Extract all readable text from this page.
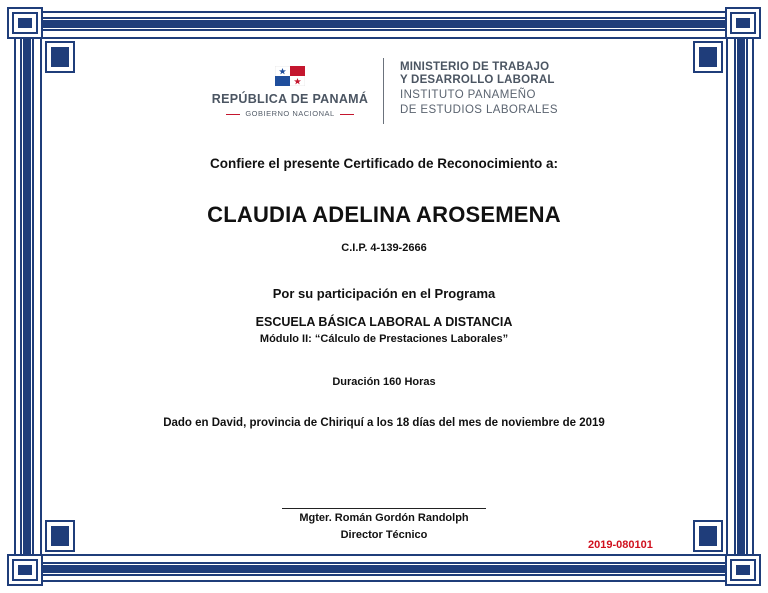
REPÚBLICA DE PANAMÁ
GOBIERNO NACIONAL
MINISTERIO DE TRABAJO
Y DESARROLLO LABORAL
INSTITUTO PANAMEÑO
DE ESTUDIOS LABORALES
Confiere el presente Certificado de Reconocimiento a:
CLAUDIA ADELINA AROSEMENA
C.I.P. 4-139-2666
Por su participación en el Programa
ESCUELA BÁSICA LABORAL A DISTANCIA
Módulo II: “Cálculo de Prestaciones Laborales”
Duración 160 Horas
Dado en David, provincia de Chiriquí a los 18 días del mes de noviembre de 2019
Mgter. Román Gordón Randolph
Director Técnico
2019-080101
